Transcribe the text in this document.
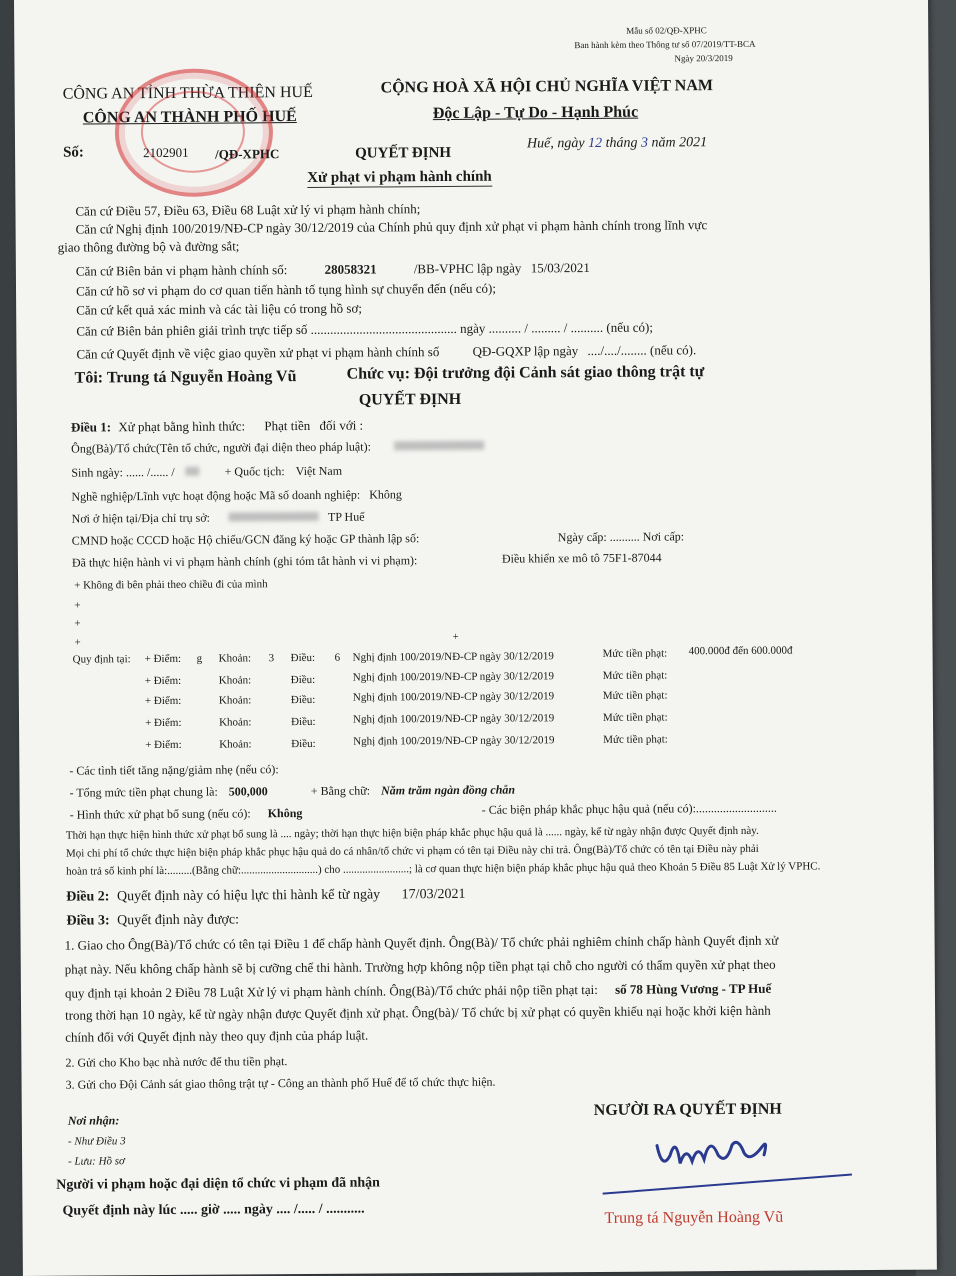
Mẫu số 02/QĐ-XPHC
Ban hành kèm theo Thông tư số 07/2019/TT-BCA
Ngày 20/3/2019
CÔNG AN TỈNH THỪA THIÊN HUẾ
CÔNG AN THÀNH PHỐ HUẾ
Số:	2102901 /QĐ-XPHC
CỘNG HOÀ XÃ HỘI CHỦ NGHĨA VIỆT NAM
Độc Lập - Tự Do - Hạnh Phúc
Huế, ngày 12 tháng 3 năm 2021
QUYẾT ĐỊNH
Xử phạt vi phạm hành chính
Căn cứ Điều 57, Điều 63, Điều 68 Luật xử lý vi phạm hành chính;
Căn cứ Nghị định 100/2019/NĐ-CP ngày 30/12/2019 của Chính phủ quy định xử phạt vi phạm hành chính trong lĩnh vực
giao thông đường bộ và đường sắt;
Căn cứ Biên bản vi phạm hành chính số:	28058321	/BB-VPHC lập ngày 15/03/2021
Căn cứ hồ sơ vi phạm do cơ quan tiến hành tố tụng hình sự chuyển đến (nếu có);
Căn cứ kết quả xác minh và các tài liệu có trong hồ sơ;
Căn cứ Biên bản phiên giải trình trực tiếp số ............................................. ngày .......... / ......... / .......... (nếu có);
Căn cứ Quyết định về việc giao quyền xử phạt vi phạm hành chính số	QĐ-GQXP lập ngày ..../..../........ (nếu có).
Tôi: Trung tá Nguyễn Hoàng Vũ	Chức vụ: Đội trưởng đội Cảnh sát giao thông trật tự
QUYẾT ĐỊNH
Điều 1: Xử phạt bằng hình thức: Phạt tiền đối với :
Ông(Bà)/Tổ chức(Tên tổ chức, người đại diện theo pháp luật):
Sinh ngày: ...... /...... /	+ Quốc tịch: Việt Nam
Nghề nghiệp/Lĩnh vực hoạt động hoặc Mã số doanh nghiệp: Không
Nơi ở hiện tại/Địa chỉ trụ sở:	TP Huế
CMND hoặc CCCD hoặc Hộ chiếu/GCN đăng ký hoặc GP thành lập số:	Ngày cấp: .......... Nơi cấp:
Đã thực hiện hành vi vi phạm hành chính (ghi tóm tắt hành vi vi phạm):	Điều khiển xe mô tô 75F1-87044
+ Không đi bên phải theo chiều đi của mình
+
+
+	+
Quy định tại: + Điểm: g Khoản: 3 Điều: 6 Nghị định 100/2019/NĐ-CP ngày 30/12/2019	Mức tiền phạt: 400.000đ đến 600.000đ
+ Điểm:	Khoản:	Điều:	Nghị định 100/2019/NĐ-CP ngày 30/12/2019	Mức tiền phạt:
+ Điểm:	Khoản:	Điều:	Nghị định 100/2019/NĐ-CP ngày 30/12/2019	Mức tiền phạt:
+ Điểm:	Khoản:	Điều:	Nghị định 100/2019/NĐ-CP ngày 30/12/2019	Mức tiền phạt:
+ Điểm:	Khoản:	Điều:	Nghị định 100/2019/NĐ-CP ngày 30/12/2019	Mức tiền phạt:
- Các tình tiết tăng nặng/giảm nhẹ (nếu có):
- Tổng mức tiền phạt chung là: 500,000	+ Bằng chữ: Năm trăm ngàn đồng chẵn
- Hình thức xử phạt bổ sung (nếu có): Không	- Các biện pháp khắc phục hậu quả (nếu có):...........................
Thời hạn thực hiện hình thức xử phạt bổ sung là .... ngày; thời hạn thực hiện biện pháp khắc phục hậu quả là ...... ngày, kể từ ngày nhận được Quyết định này.
Mọi chi phí tổ chức thực hiện biện pháp khắc phục hậu quả do cá nhân/tổ chức vi phạm có tên tại Điều này chi trả. Ông(Bà)/Tổ chức có tên tại Điều này phải
hoàn trả số kinh phí là:.........(Bằng chữ:............................) cho ........................; là cơ quan thực hiện biện pháp khắc phục hậu quả theo Khoản 5 Điều 85 Luật Xử lý VPHC.
Điều 2: Quyết định này có hiệu lực thi hành kể từ ngày 17/03/2021
Điều 3: Quyết định này được:
1. Giao cho Ông(Bà)/Tổ chức có tên tại Điều 1 để chấp hành Quyết định. Ông(Bà)/ Tổ chức phải nghiêm chỉnh chấp hành Quyết định xử
phạt này. Nếu không chấp hành sẽ bị cưỡng chế thi hành. Trường hợp không nộp tiền phạt tại chỗ cho người có thẩm quyền xử phạt theo
quy định tại khoản 2 Điều 78 Luật Xử lý vi phạm hành chính. Ông(Bà)/Tổ chức phải nộp tiền phạt tại: số 78 Hùng Vương - TP Huế
trong thời hạn 10 ngày, kể từ ngày nhận được Quyết định xử phạt. Ông(bà)/ Tổ chức bị xử phạt có quyền khiếu nại hoặc khởi kiện hành
chính đối với Quyết định này theo quy định của pháp luật.
2. Gửi cho Kho bạc nhà nước để thu tiền phạt.
3. Gửi cho Đội Cảnh sát giao thông trật tự - Công an thành phố Huế để tổ chức thực hiện.
Nơi nhận:
- Như Điều 3
- Lưu: Hồ sơ
Người vi phạm hoặc đại diện tổ chức vi phạm đã nhận
Quyết định này lúc ..... giờ ..... ngày .... /..... / ...........
NGƯỜI RA QUYẾT ĐỊNH
Trung tá Nguyễn Hoàng Vũ
